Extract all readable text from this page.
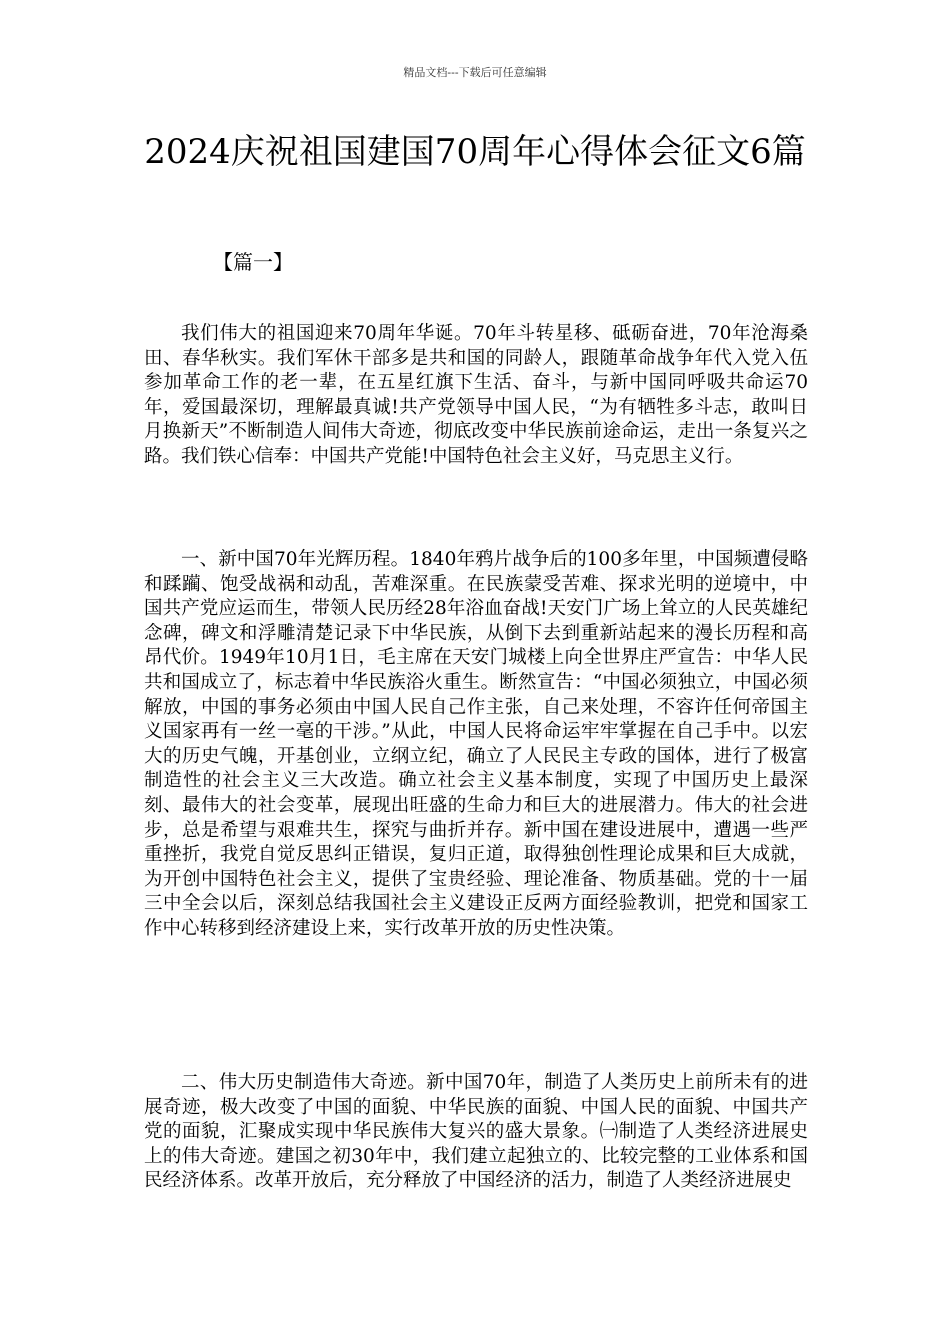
精品文档---下载后可任意编辑
2024庆祝祖国建国70周年心得体会征文6篇
【篇一】

我们伟大的祖国迎来70周年华诞。70年斗转星移、砥砺奋进，70年沧海桑田、春华秋实。我们军休干部多是共和国的同龄人，跟随革命战争年代入党入伍参加革命工作的老一辈，在五星红旗下生活、奋斗，与新中国同呼吸共命运70年，爱国最深切，理解最真诚!共产党领导中国人民，“为有牺牲多斗志，敢叫日月换新天”不断制造人间伟大奇迹，彻底改变中华民族前途命运，走出一条复兴之路。我们铁心信奉：中国共产党能!中国特色社会主义好，马克思主义行。

一、新中国70年光辉历程。1840年鸦片战争后的100多年里，中国频遭侵略和蹂躏、饱受战祸和动乱，苦难深重。在民族蒙受苦难、探求光明的逆境中，中国共产党应运而生，带领人民历经28年浴血奋战!天安门广场上耸立的人民英雄纪念碑，碑文和浮雕清楚记录下中华民族，从倒下去到重新站起来的漫长历程和高昂代价。1949年10月1日，毛主席在天安门城楼上向全世界庄严宣告：中华人民共和国成立了，标志着中华民族浴火重生。断然宣告：“中国必须独立，中国必须解放，中国的事务必须由中国人民自己作主张，自己来处理，不容许任何帝国主义国家再有一丝一毫的干涉。”从此，中国人民将命运牢牢掌握在自己手中。以宏大的历史气魄，开基创业，立纲立纪，确立了人民民主专政的国体，进行了极富制造性的社会主义三大改造。确立社会主义基本制度，实现了中国历史上最深刻、最伟大的社会变革，展现出旺盛的生命力和巨大的进展潜力。伟大的社会进步，总是希望与艰难共生，探究与曲折并存。新中国在建设进展中，遭遇一些严重挫折，我党自觉反思纠正错误，复归正道，取得独创性理论成果和巨大成就，为开创中国特色社会主义，提供了宝贵经验、理论准备、物质基础。党的十一届三中全会以后，深刻总结我国社会主义建设正反两方面经验教训，把党和国家工作中心转移到经济建设上来，实行改革开放的历史性决策。

二、伟大历史制造伟大奇迹。新中国70年，制造了人类历史上前所未有的进展奇迹，极大改变了中国的面貌、中华民族的面貌、中国人民的面貌、中国共产党的面貌，汇聚成实现中华民族伟大复兴的盛大景象。㈠制造了人类经济进展史上的伟大奇迹。建国之初30年中，我们建立起独立的、比较完整的工业体系和国民经济体系。改革开放后，充分释放了中国经济的活力，制造了人类经济进展史
